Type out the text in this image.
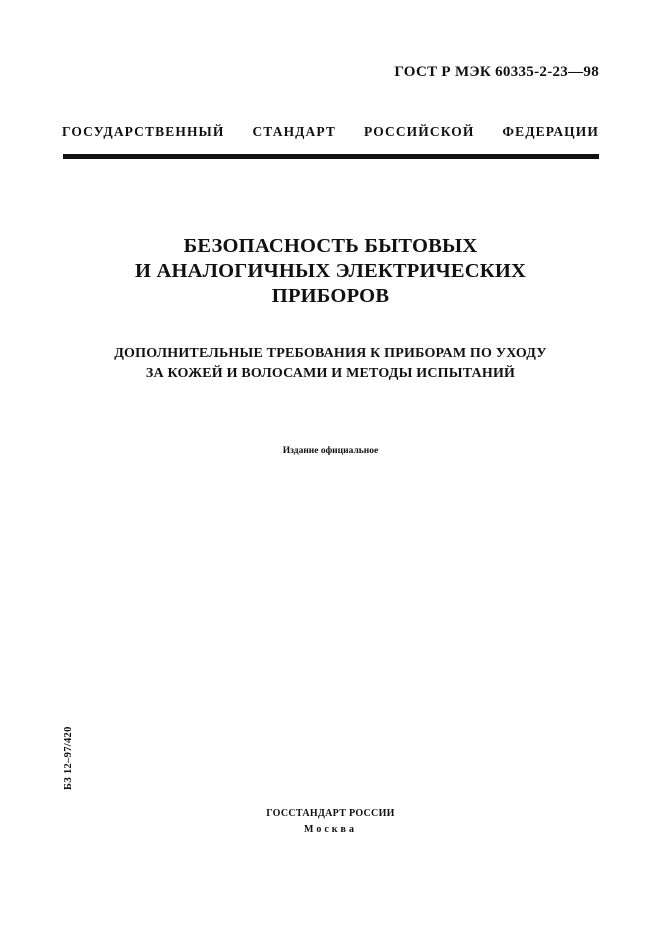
ГОСТ Р МЭК 60335-2-23—98
ГОСУДАРСТВЕННЫЙ СТАНДАРТ РОССИЙСКОЙ ФЕДЕРАЦИИ
БЕЗОПАСНОСТЬ БЫТОВЫХ
И АНАЛОГИЧНЫХ ЭЛЕКТРИЧЕСКИХ
ПРИБОРОВ
ДОПОЛНИТЕЛЬНЫЕ ТРЕБОВАНИЯ К ПРИБОРАМ ПО УХОДУ
ЗА КОЖЕЙ И ВОЛОСАМИ И МЕТОДЫ ИСПЫТАНИЙ
Издание официальное
БЗ 12–97/420
ГОССТАНДАРТ РОССИИ
Москва
